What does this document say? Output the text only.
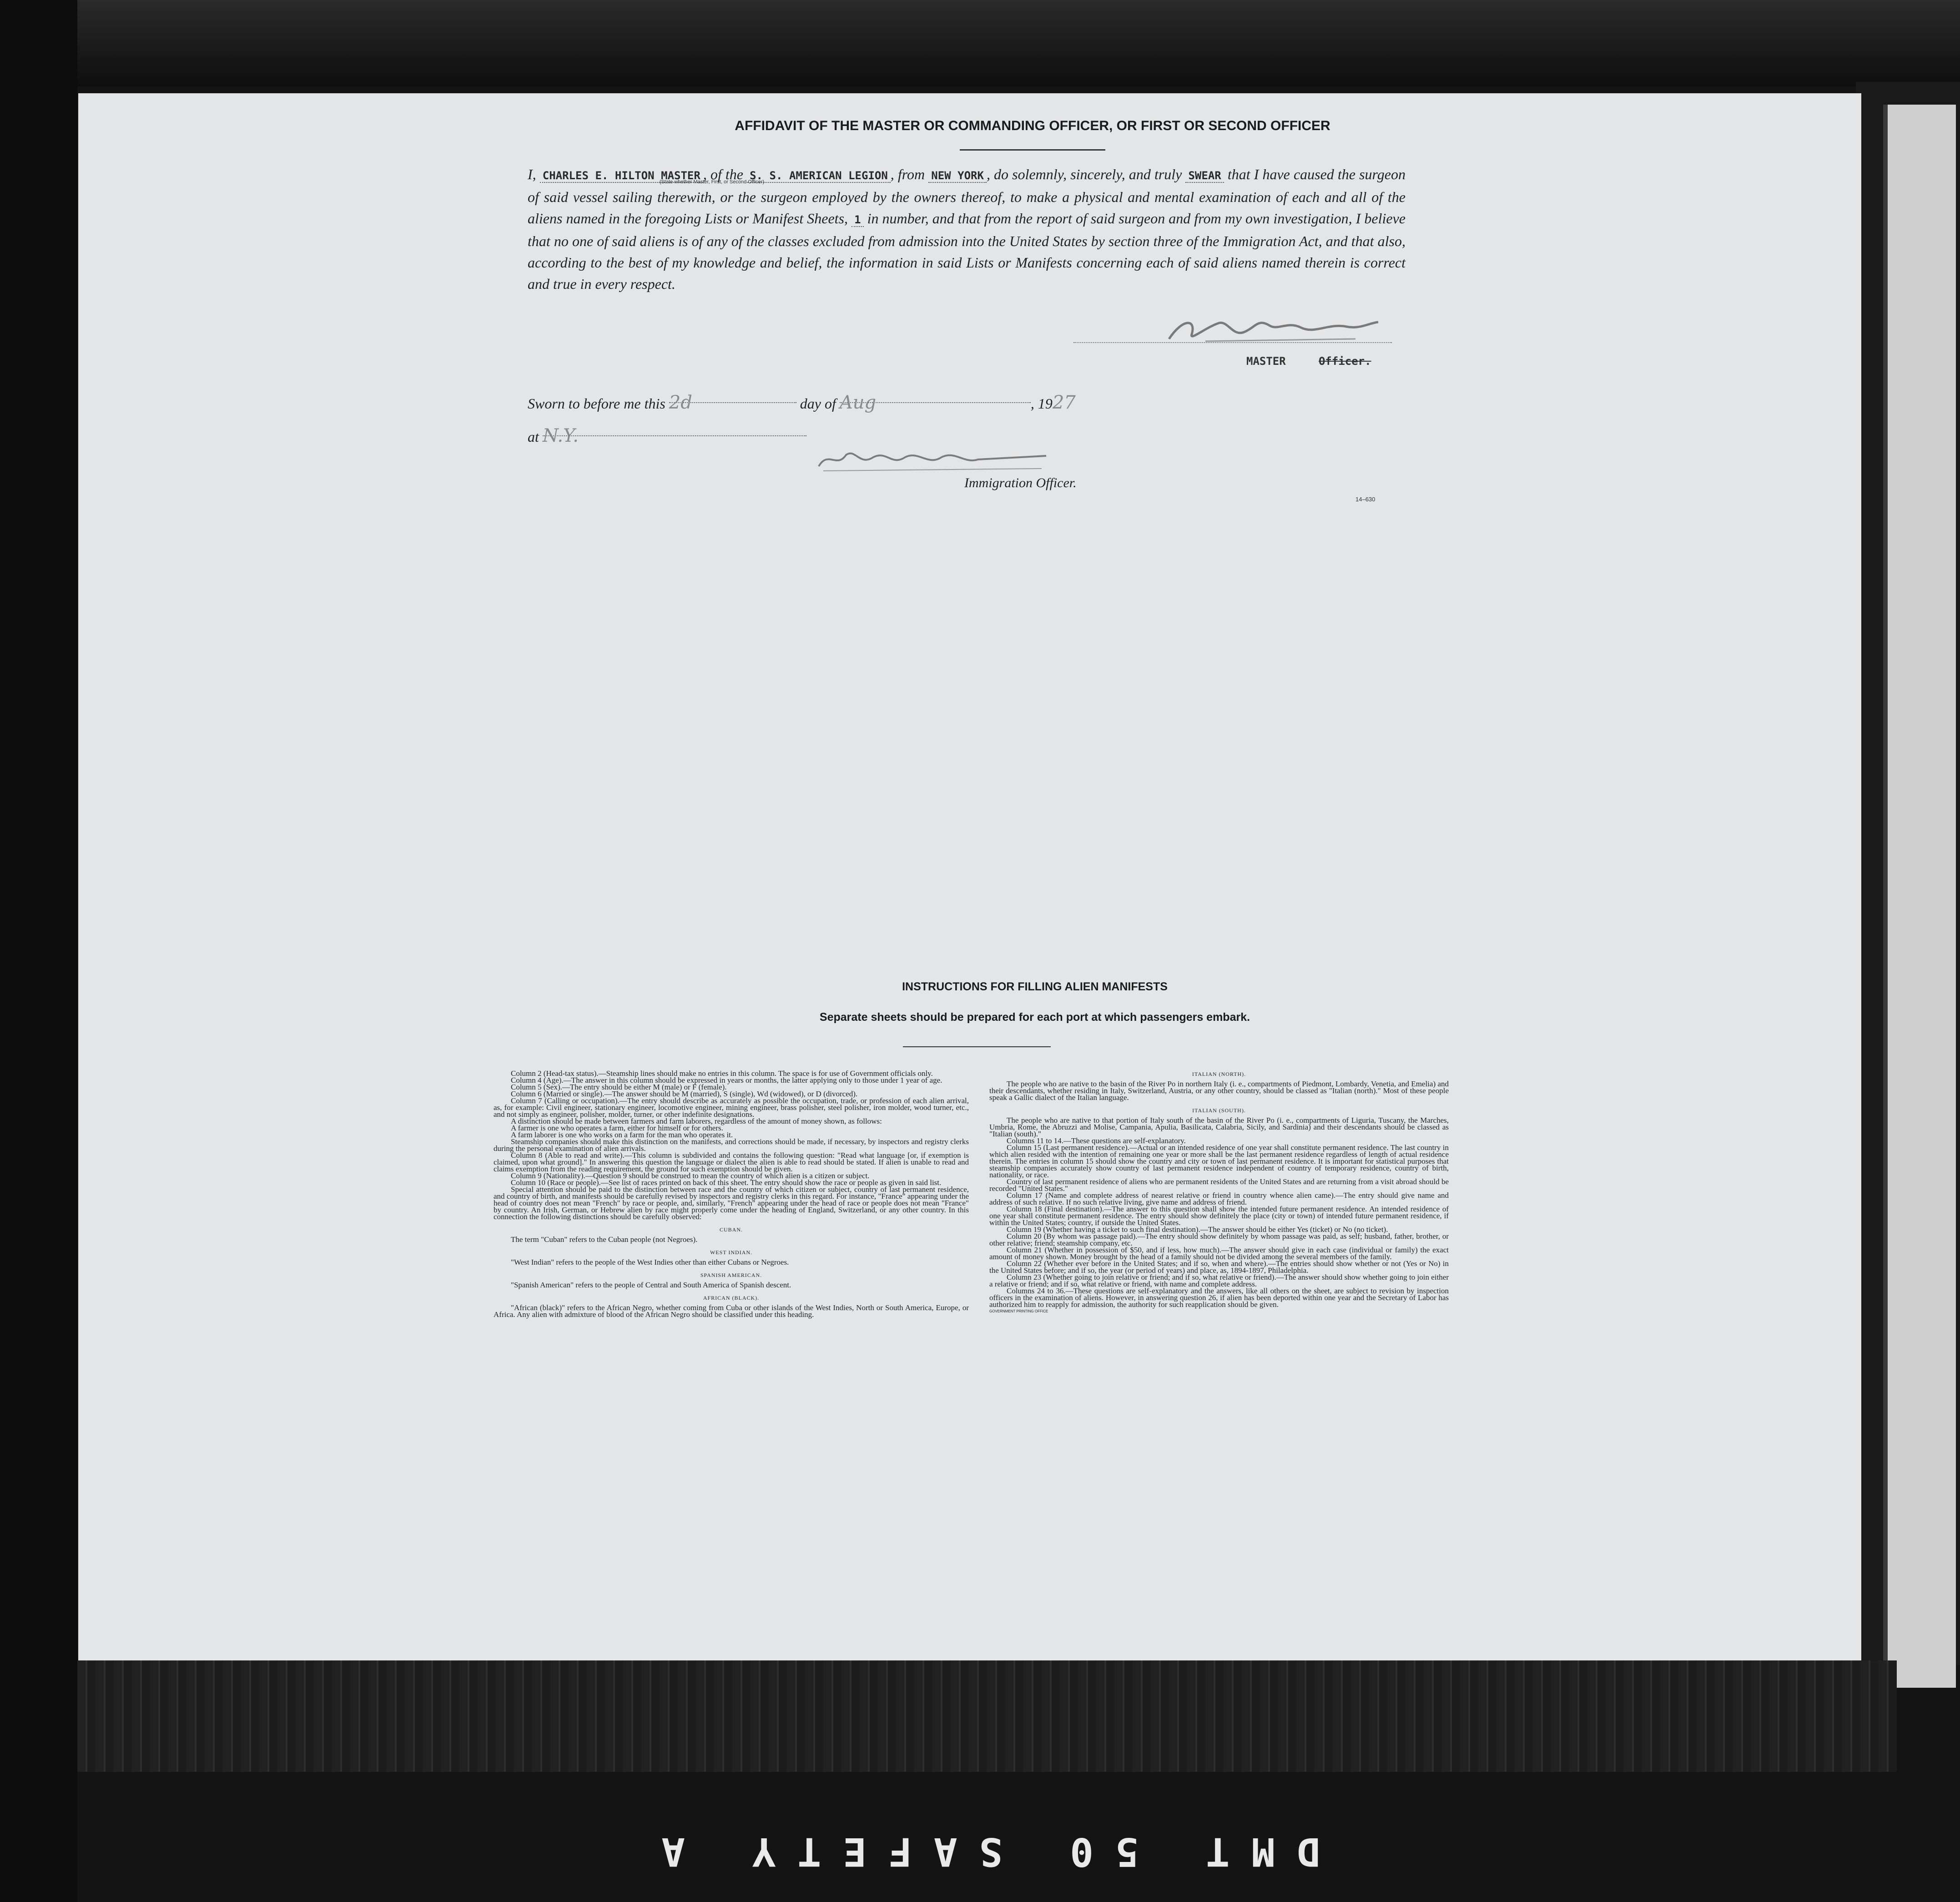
AFFIDAVIT OF THE MASTER OR COMMANDING OFFICER, OR FIRST OR SECOND OFFICER
I, CHARLES E. HILTON MASTER , of the S. S. AMERICAN LEGION , from NEW YORK , do solemnly, sincerely, and truly SWEAR that I have caused the surgeon of said vessel sailing therewith, or the surgeon employed by the owners thereof, to make a physical and mental examination of each and all of the aliens named in the foregoing Lists or Manifest Sheets, 1 in number, and that from the report of said surgeon and from my own investigation, I believe that no one of said aliens is of any of the classes excluded from admission into the United States by section three of the Immigration Act, and that also, according to the best of my knowledge and belief, the information in said Lists or Manifests concerning each of said aliens named therein is correct and true in every respect.
(State whether Master, First, or Second Officer)
MASTER	Officer.
Sworn to before me this 2d	day of Aug	, 1927
at N.Y.
Immigration Officer.
14–630
INSTRUCTIONS FOR FILLING ALIEN MANIFESTS
Separate sheets should be prepared for each port at which passengers embark.

Column 2 (Head-tax status).—Steamship lines should make no entries in this column. The space is for use of Government officials only.

Column 4 (Age).—The answer in this column should be expressed in years or months, the latter applying only to those under 1 year of age.

Column 5 (Sex).—The entry should be either M (male) or F (female).

Column 6 (Married or single).—The answer should be M (married), S (single), Wd (widowed), or D (divorced).

Column 7 (Calling or occupation).—The entry should describe as accurately as possible the occupation, trade, or profession of each alien arrival, as, for example: Civil engineer, stationary engineer, locomotive engineer, mining engineer, brass polisher, steel polisher, iron molder, wood turner, etc., and not simply as engineer, polisher, molder, turner, or other indefinite designations.

A distinction should be made between farmers and farm laborers, regardless of the amount of money shown, as follows:

A farmer is one who operates a farm, either for himself or for others.

A farm laborer is one who works on a farm for the man who operates it.

Steamship companies should make this distinction on the manifests, and corrections should be made, if necessary, by inspectors and registry clerks during the personal examination of alien arrivals.

Column 8 (Able to read and write).—This column is subdivided and contains the following question: "Read what language [or, if exemption is claimed, upon what ground]." In answering this question the language or dialect the alien is able to read should be stated. If alien is unable to read and claims exemption from the reading requirement, the ground for such exemption should be given.

Column 9 (Nationality).—Question 9 should be construed to mean the country of which alien is a citizen or subject.

Column 10 (Race or people).—See list of races printed on back of this sheet. The entry should show the race or people as given in said list.

Special attention should be paid to the distinction between race and the country of which citizen or subject, country of last permanent residence, and country of birth, and manifests should be carefully revised by inspectors and registry clerks in this regard. For instance, "France" appearing under the head of country does not mean "French" by race or people, and, similarly, "French" appearing under the head of race or people does not mean "France" by country. An Irish, German, or Hebrew alien by race might properly come under the heading of England, Switzerland, or any other country. In this connection the following distinctions should be carefully observed:

CUBAN.

The term "Cuban" refers to the Cuban people (not Negroes).

WEST INDIAN.

"West Indian" refers to the people of the West Indies other than either Cubans or Negroes.

SPANISH AMERICAN.

"Spanish American" refers to the people of Central and South America of Spanish descent.

AFRICAN (BLACK).

"African (black)" refers to the African Negro, whether coming from Cuba or other islands of the West Indies, North or South America, Europe, or Africa. Any alien with admixture of blood of the African Negro should be classified under this heading.

ITALIAN (NORTH).

The people who are native to the basin of the River Po in northern Italy (i. e., compartments of Piedmont, Lombardy, Venetia, and Emelia) and their descendants, whether residing in Italy, Switzerland, Austria, or any other country, should be classed as "Italian (north)." Most of these people speak a Gallic dialect of the Italian language.

ITALIAN (SOUTH).

The people who are native to that portion of Italy south of the basin of the River Po (i. e., compartments of Liguria, Tuscany, the Marches, Umbria, Rome, the Abruzzi and Molise, Campania, Apulia, Basilicata, Calabria, Sicily, and Sardinia) and their descendants should be classed as "Italian (south)."

Columns 11 to 14.—These questions are self-explanatory.

Column 15 (Last permanent residence).—Actual or an intended residence of one year shall constitute permanent residence. The last country in which alien resided with the intention of remaining one year or more shall be the last permanent residence regardless of length of actual residence therein. The entries in column 15 should show the country and city or town of last permanent residence. It is important for statistical purposes that steamship companies accurately show country of last permanent residence independent of country of temporary residence, country of birth, nationality, or race.

Country of last permanent residence of aliens who are permanent residents of the United States and are returning from a visit abroad should be recorded "United States."

Column 17 (Name and complete address of nearest relative or friend in country whence alien came).—The entry should give name and address of such relative. If no such relative living, give name and address of friend.

Column 18 (Final destination).—The answer to this question shall show the intended future permanent residence. An intended residence of one year shall constitute permanent residence. The entry should show definitely the place (city or town) of intended future permanent residence, if within the United States; country, if outside the United States.

Column 19 (Whether having a ticket to such final destination).—The answer should be either Yes (ticket) or No (no ticket).

Column 20 (By whom was passage paid).—The entry should show definitely by whom passage was paid, as self; husband, father, brother, or other relative; friend; steamship company, etc.

Column 21 (Whether in possession of $50, and if less, how much).—The answer should give in each case (individual or family) the exact amount of money shown. Money brought by the head of a family should not be divided among the several members of the family.

Column 22 (Whether ever before in the United States; and if so, when and where).—The entries should show whether or not (Yes or No) in the United States before; and if so, the year (or period of years) and place, as, 1894-1897, Philadelphia.

Column 23 (Whether going to join relative or friend; and if so, what relative or friend).—The answer should show whether going to join either a relative or friend; and if so, what relative or friend, with name and complete address.

Columns 24 to 36.—These questions are self-explanatory and the answers, like all others on the sheet, are subject to revision by inspection officers in the examination of aliens. However, in answering question 26, if alien has been deported within one year and the Secretary of Labor has authorized him to reapply for admission, the authority for such reapplication should be given.

GOVERNMENT PRINTING OFFICE

DMT 50 SAFETY A
